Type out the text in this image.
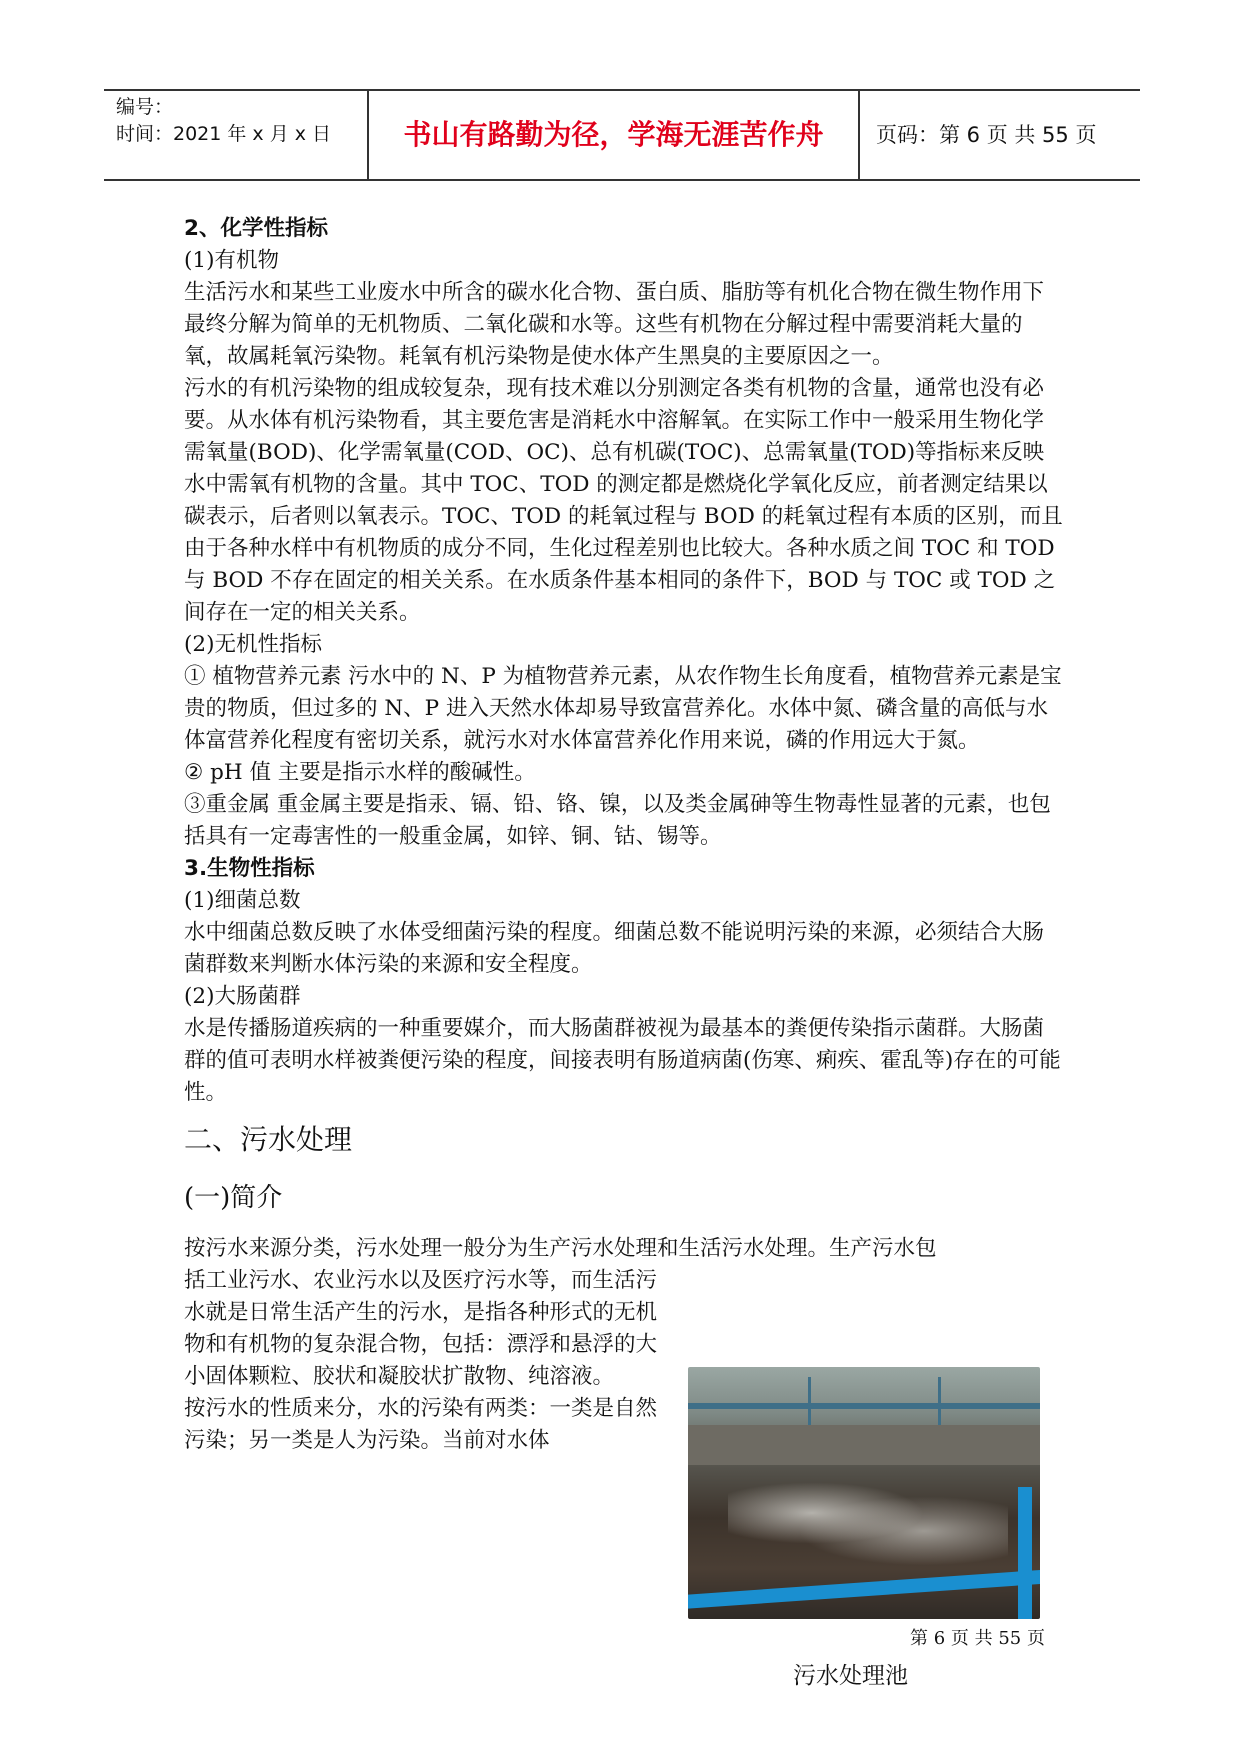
编号：
时间：2021 年 x 月 x 日	书山有路勤为径，学海无涯苦作舟	页码：第 6 页 共 55 页

2、化学性指标

(1)有机物

生活污水和某些工业废水中所含的碳水化合物、蛋白质、脂肪等有机化合物在微生物作用下最终分解为简单的无机物质、二氧化碳和水等。这些有机物在分解过程中需要消耗大量的氧，故属耗氧污染物。耗氧有机污染物是使水体产生黑臭的主要原因之一。

污水的有机污染物的组成较复杂，现有技术难以分别测定各类有机物的含量，通常也没有必要。从水体有机污染物看，其主要危害是消耗水中溶解氧。在实际工作中一般采用生物化学需氧量(BOD)、化学需氧量(COD、OC)、总有机碳(TOC)、总需氧量(TOD)等指标来反映水中需氧有机物的含量。其中 TOC、TOD 的测定都是燃烧化学氧化反应，前者测定结果以碳表示，后者则以氧表示。TOC、TOD 的耗氧过程与 BOD 的耗氧过程有本质的区别，而且由于各种水样中有机物质的成分不同，生化过程差别也比较大。各种水质之间 TOC 和 TOD 与 BOD 不存在固定的相关关系。在水质条件基本相同的条件下，BOD 与 TOC 或 TOD 之间存在一定的相关关系。

(2)无机性指标

① 植物营养元素 污水中的 N、P 为植物营养元素，从农作物生长角度看，植物营养元素是宝贵的物质，但过多的 N、P 进入天然水体却易导致富营养化。水体中氮、磷含量的高低与水体富营养化程度有密切关系，就污水对水体富营养化作用来说，磷的作用远大于氮。

② pH 值 主要是指示水样的酸碱性。

③重金属 重金属主要是指汞、镉、铅、铬、镍，以及类金属砷等生物毒性显著的元素，也包括具有一定毒害性的一般重金属，如锌、铜、钴、锡等。

3.生物性指标

(1)细菌总数

水中细菌总数反映了水体受细菌污染的程度。细菌总数不能说明污染的来源，必须结合大肠菌群数来判断水体污染的来源和安全程度。

(2)大肠菌群

水是传播肠道疾病的一种重要媒介，而大肠菌群被视为最基本的粪便传染指示菌群。大肠菌群的值可表明水样被粪便污染的程度，间接表明有肠道病菌(伤寒、痢疾、霍乱等)存在的可能性。

二、污水处理

(一)简介

按污水来源分类，污水处理一般分为生产污水处理和生活污水处理。生产污水包

括工业污水、农业污水以及医疗污水等，而生活污水就是日常生活产生的污水，是指各种形式的无机物和有机物的复杂混合物，包括：漂浮和悬浮的大小固体颗粒、胶状和凝胶状扩散物、纯溶液。

按污水的性质来分，水的污染有两类：一类是自然污染；另一类是人为污染。当前对水体

第 6 页 共 55 页
污水处理池
